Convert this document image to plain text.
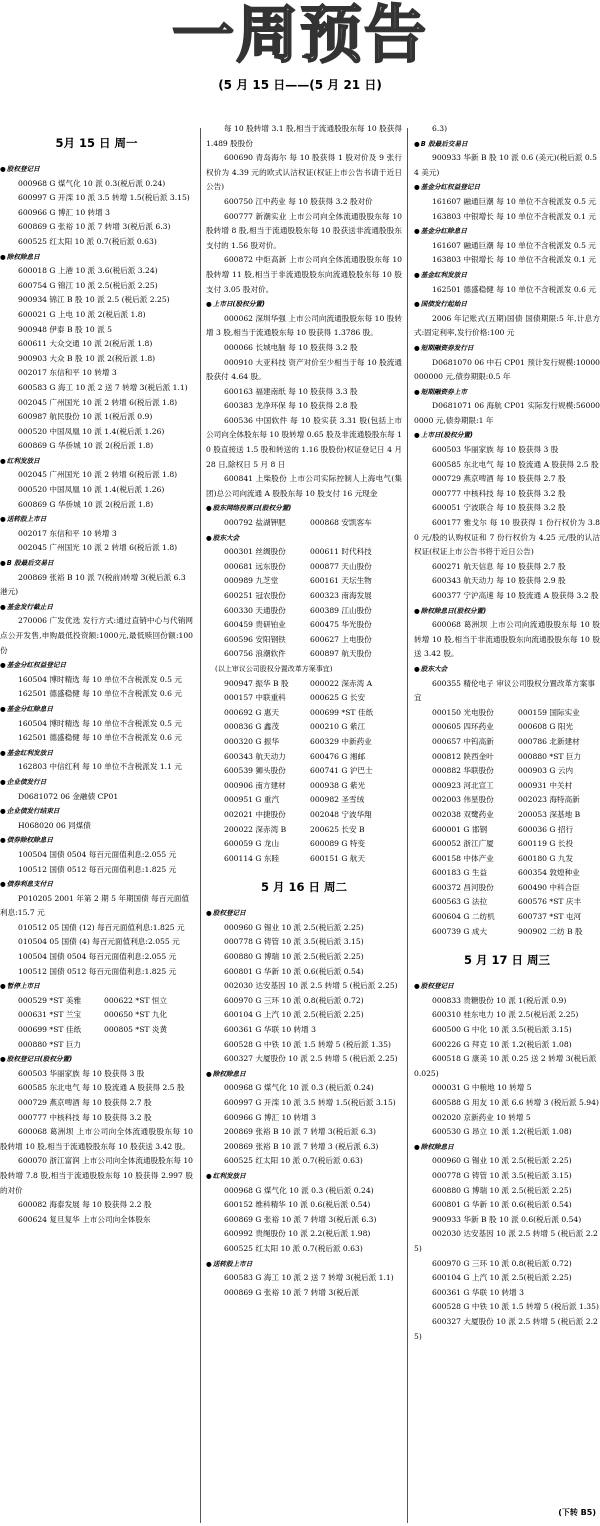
一周预告
(5 月 15 日——(5 月 21 日)
5月 15 日 周一
● 股权登记日
000968 G 煤气化 10 派 0.3(税后派 0.24)
600997 G 开滦 10 派 3.5 转增 1.5(税后派 3.15)
600966 G 博汇 10 转增 3
600869 G 张裕 10 派 7 转增 3(税后派 6.3)
600525 红太阳 10 派 0.7(税后派 0.63)
● 除权除息日
600018 G 上港 10 派 3.6(税后派 3.24)
600754 G 锦江 10 派 2.5(税后派 2.25)
900934 锦江 B 股 10 派 2.5 (税后派 2.25)
600021 G 上电 10 派 2(税后派 1.8)
900948 伊泰 B 股 10 派 5
600611 大众交通 10 派 2(税后派 1.8)
900903 大众 B 股 10 派 2(税后派 1.8)
002017 东信和平 10 转增 3
600583 G 海工 10 派 2 送 7 转增 3(税后派 1.1)
002045 广州国光 10 派 2 转增 6(税后派 1.8)
600987 航民股份 10 派 1(税后派 0.9)
000520 中国凤凰 10 派 1.4(税后派 1.26)
600869 G 华侨城 10 派 2(税后派 1.8)
● 红利发放日
002045 广州国光 10 派 2 转增 6(税后派 1.8)
000520 中国凤凰 10 派 1.4(税后派 1.26)
600869 G 华侨城 10 派 2(税后派 1.8)
● 送转股上市日
002017 东信和平 10 转增 3
002045 广州国光 10 派 2 转增 6(税后派 1.8)
● B 股最后交易日
200869 张裕 B 10 派 7(税前)转增 3(税后派 6.3 港元)
● 基金发行截止日
270006 广发优选 发行方式:通过直销中心与代销网点公开发售,申购最低投资额:1000元,最低赎回份额:100 份
● 基金分红权益登记日
160504 博时精选 每 10 单位不含税派发 0.5 元
162501 德盛稳健 每 10 单位不含税派发 0.6 元
● 基金分红除息日
160504 博时精选 每 10 单位不含税派发 0.5 元
162501 德盛稳健 每 10 单位不含税派发 0.6 元
● 基金红利发放日
162803 中信红利 每 10 单位不含税派发 1.1 元
● 企业债发行日
D0681072 06 金融债 CP01
● 企业债发行结束日
H068020 06 同煤债
● 债券除权除息日
100504 国债 0504 每百元面值利息:2.055 元
100512 国债 0512 每百元面值利息:1.825 元
● 债券利息支付日
P010205 2001 年第 2 期 5 年期国债 每百元面值利息:15.7 元
010512 05 国债 (12) 每百元面值利息:1.825 元
010504 05 国债 (4) 每百元面值利息:2.055 元
100504 国债 0504 每百元面值利息:2.055 元
100512 国债 0512 每百元面值利息:1.825 元
● 暂停上市日
000529 *ST 美雅	000622 *ST 恒立
000631 *ST 兰宝	000650 *ST 九化
000699 *ST 佳纸	000805 *ST 炎黄
000880 *ST 巨力
● 股权登记日(股权分置)
600503 华丽家族 每 10 股获得 3 股
600585 东北电气 每 10 股流通 A 股获得 2.5 股
000729 燕京啤酒 每 10 股获得 2.7 股
000777 中核科技 每 10 股获得 3.2 股
600068 葛洲坝 上市公司向全体流通股股东每 10 股转增 10 股,相当于流通股股东每 10 股获送 3.42 股。
600070 浙江富润 上市公司向全体流通股股东每 10 股转增 7.8 股,相当于流通股股东每 10 股获得 2.997 股的对价
600082 海泰发展 每 10 股获得 2.2 股
600624 复旦复华 上市公司向全体股东
每 10 股转增 3.1 股,相当于流通股股东每 10 股获得 1.489 股股份
600690 青岛海尔 每 10 股获得 1 股对价及 9 张行权价为 4.39 元的欧式认沽权证(权证上市公告书请于近日公告)
600750 江中药业 每 10 股获得 3.2 股对价
600777 新潮实业 上市公司向全体流通股股东每 10 股转增 8 股,相当于流通股股东每 10 股获送非流通股股东支付的 1.56 股对价。
600872 中炬高新 上市公司向全体流通股股东每 10 股转增 11 股,相当于非流通股股东向流通股股东每 10 股支付 3.05 股对价。
● 上市日(股权分置)
000062 深圳华强 上市公司向流通股股东每 10 股转增 3 股,相当于流通股东每 10 股获得 1.3786 股。
000066 长城电脑 每 10 股获得 3.2 股
000910 大亚科技 资产对价至少相当于每 10 股流通股获付 4.64 股。
600163 福建南纸 每 10 股获得 3.3 股
600383 龙净环保 每 10 股获得 2.8 股
600536 中国软件 每 10 股实获 3.31 股(包括上市公司向全体股东每 10 股转增 0.65 股及非流通股股东每 10 股直接送 1.5 股和转送的 1.16 股股份)权证登记日 4 月 28 日,除权日 5 月 8 日
600841 上柴股份 上市公司实际控制人上海电气(集团)总公司向流通 A 股股东每 10 股支付 16 元现金
● 股东网络投票日(股权分置)
000792 盐湖钾肥	000868 安凯客车
● 股东大会
000301 丝绸股份	000611 时代科技
000681 远东股份	000877 天山股份
000989 九芝堂	600161 天坛生物
600251 冠农股份	600323 南海发展
600330 天通股份	600389 江山股份
600459 贵研铂业	600475 华光股份
600596 安阳钢铁	600627 上电股份
600756 浪潮软件	600897 航天股份
(以上审议公司股权分置改革方案事宜)
900947 振华 B 股	000022 深赤湾 A
000157 中联重科	000625 G 长安
000692 G 惠天	000699 *ST 佳纸
000836 G 鑫茂	000210 G 紫江
000320 G 振华	600329 中新药业
600343 航天动力	600476 G 湘邮
600539 狮头股份	600741 G 沪巴士
000906 南方建材	000938 G 紫光
000951 G 重汽	000982 圣雪绒
002021 中捷股份	002048 宁波华翔
200022 深赤湾 B	200625 长安 B
600059 G 龙山	600089 G 特变
600114 G 东睦	600151 G 航天
5 月 16 日 周二
● 股权登记日
000960 G 锡业 10 派 2.5(税后派 2.25)
000778 G 铸管 10 派 3.5(税后派 3.15)
600880 G 博瑞 10 派 2.5(税后派 2.25)
600801 G 华新 10 派 0.6(税后派 0.54)
002030 达安基因 10 派 2.5 转增 5 (税后派 2.25)
600970 G 三环 10 派 0.8(税后派 0.72)
600104 G 上汽 10 派 2.5(税后派 2.25)
600361 G 华联 10 转增 3
600528 G 中铁 10 派 1.5 转增 5 (税后派 1.35)
600327 大厦股份 10 派 2.5 转增 5 (税后派 2.25)
● 除权除息日
000968 G 煤气化 10 派 0.3 (税后派 0.24)
600997 G 开滦 10 派 3.5 转增 1.5(税后派 3.15)
600966 G 博汇 10 转增 3
200869 张裕 B 10 派 7 转增 3(税后派 6.3)
200869 张裕 B 10 派 7 转增 3 (税后派 6.3)
600525 红太阳 10 派 0.7(税后派 0.63)
● 红利发放日
000968 G 煤气化 10 派 0.3 (税后派 0.24)
600152 维科精华 10 派 0.6(税后派 0.54)
600869 G 张裕 10 派 7 转增 3(税后派 6.3)
600992 贵绳股份 10 派 2.2(税后派 1.98)
600525 红太阳 10 派 0.7(税后派 0.63)
● 送转股上市日
600583 G 海工 10 派 2 送 7 转增 3(税后派 1.1)
000869 G 张裕 10 派 7 转增 3(税后派
6.3)
● B 股最后交易日
900933 华新 B 股 10 派 0.6 (美元)(税后派 0.54 美元)
● 基金分红权益登记日
161607 融通巨潮 每 10 单位不含税派发 0.5 元
163803 中银增长 每 10 单位不含税派发 0.1 元
● 基金分红除息日
161607 融通巨潮 每 10 单位不含税派发 0.5 元
163803 中银增长 每 10 单位不含税派发 0.1 元
● 基金红利发放日
162501 德盛稳健 每 10 单位不含税派发 0.6 元
● 国债发行起始日
2006 年记账式(五期)国债 国债期限:5 年,计息方式:固定利率,发行价格:100 元
● 短期融资券发行日
D0681070 06 中石 CP01 预计发行规模:10000000000 元,债券期限:0.5 年
● 短期融资券上市
D0681071 06 海航 CP01 实际发行规模:560000000 元,债券期限:1 年
● 上市日(股权分置)
600503 华丽家族 每 10 股获得 3 股
600585 东北电气 每 10 股流通 A 股获得 2.5 股
000729 燕京啤酒 每 10 股获得 2.7 股
000777 中核科技 每 10 股获得 3.2 股
600051 宁波联合 每 10 股获得 3.2 股
600177 雅戈尔 每 10 股获得 1 份行权价为 3.80 元/股的认购权证和 7 份行权价为 4.25 元/股的认沽权证(权证上市公告书将于近日公告)
600271 航天信息 每 10 股获得 2.7 股
600343 航天动力 每 10 股获得 2.9 股
600377 宁沪高速 每 10 股流通 A 股获得 3.2 股
● 除权除息日(股权分置)
600068 葛洲坝 上市公司向流通股股东每 10 股转增 10 股,相当于非流通股股东向流通股股东每 10 股送 3.42 股。
● 股东大会
600355 精伦电子 审议公司股权分置改革方案事宜
000150 光电股份	000159 国际实业
000605 四环药业	000608 G 阳光
000657 中钨高新	000786 北新建材
000812 陕西金叶	000880 *ST 巨力
000882 华联股份	000903 G 云内
000923 河北宣工	000931 中关村
002003 伟星股份	002023 海特高新
002038 双鹭药业	200053 深基地 B
600001 G 邯钢	600036 G 招行
600052 浙江广厦	600119 G 长投
600158 中体产业	600180 G 九发
600183 G 生益	600354 敦煌种业
600372 昌河股份	600490 中科合臣
600563 G 法拉	600576 *ST 庆丰
600604 G 二纺机	600737 *ST 屯河
600739 G 成大	900902 二纺 B 股
5 月 17 日 周三
● 股权登记日
000833 贵糖股份 10 派 1(税后派 0.9)
600310 桂东电力 10 派 2.5(税后派 2.25)
600500 G 中化 10 派 3.5(税后派 3.15)
600226 G 拜克 10 派 1.2(税后派 1.08)
600518 G 康美 10 派 0.25 送 2 转增 3(税后派 0.025)
000031 G 中粮地 10 转增 5
600588 G 用友 10 派 6.6 转增 3 (税后派 5.94)
002020 京新药业 10 转增 5
600530 G 昂立 10 派 1.2(税后派 1.08)
● 除权除息日
000960 G 锡业 10 派 2.5(税后派 2.25)
000778 G 铸管 10 派 3.5(税后派 3.15)
600880 G 博瑞 10 派 2.5(税后派 2.25)
600801 G 华新 10 派 0.6(税后派 0.54)
900933 华新 B 股 10 派 0.6(税后派 0.54)
002030 达安基因 10 派 2.5 转增 5 (税后派 2.25)
600970 G 三环 10 派 0.8(税后派 0.72)
600104 G 上汽 10 派 2.5(税后派 2.25)
600361 G 华联 10 转增 3
600528 G 中铁 10 派 1.5 转增 5 (税后派 1.35)
600327 大厦股份 10 派 2.5 转增 5 (税后派 2.25)
(下转 B5)
